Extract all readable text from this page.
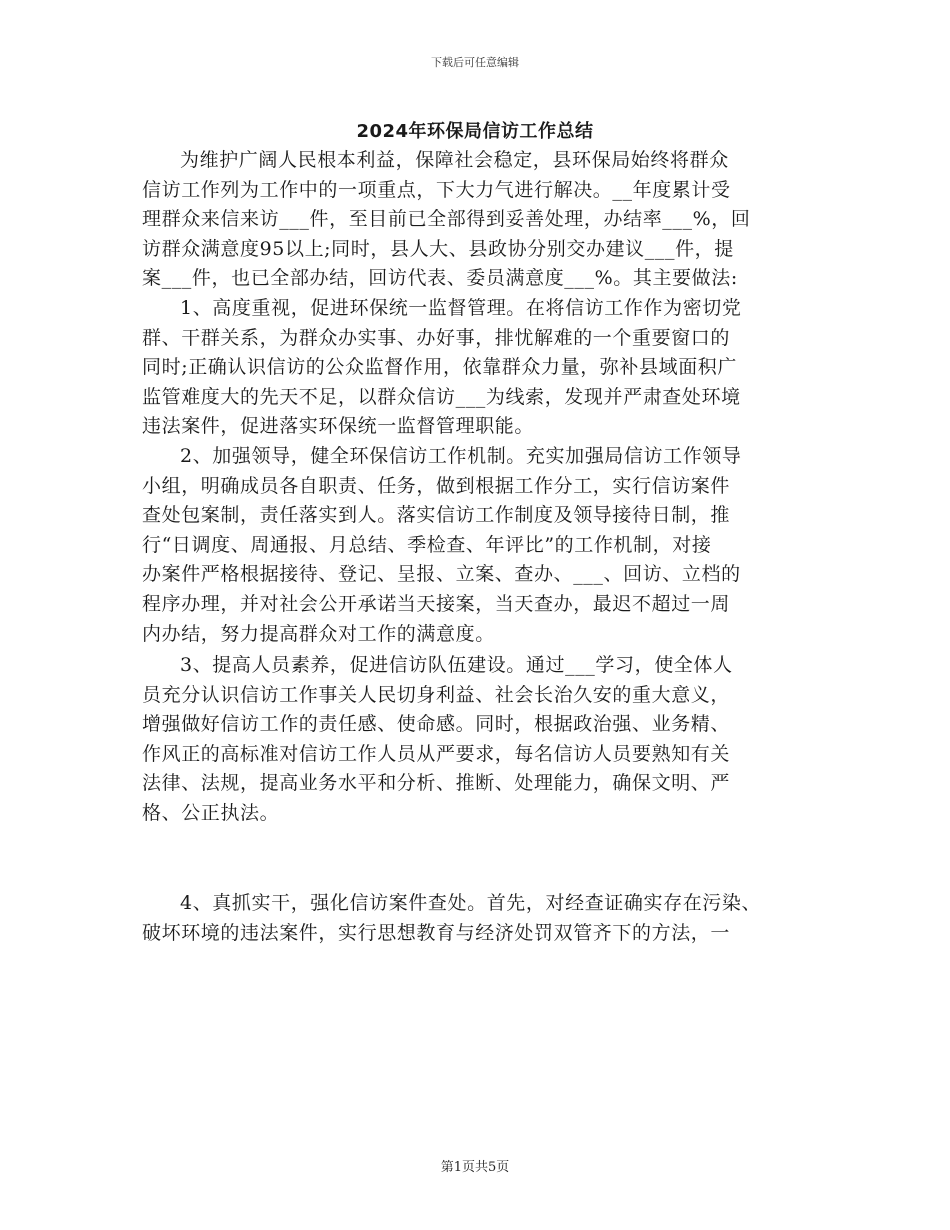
下载后可任意编辑
2024年环保局信访工作总结
为维护广阔人民根本利益，保障社会稳定，县环保局始终将群众
信访工作列为工作中的一项重点，下大力气进行解决。__年度累计受
理群众来信来访___件，至目前已全部得到妥善处理，办结率___%，回
访群众满意度95以上;同时，县人大、县政协分别交办建议___件，提
案___件，也已全部办结，回访代表、委员满意度___%。其主要做法:
1、高度重视，促进环保统一监督管理。在将信访工作作为密切党
群、干群关系，为群众办实事、办好事，排忧解难的一个重要窗口的
同时;正确认识信访的公众监督作用，依靠群众力量，弥补县域面积广
监管难度大的先天不足，以群众信访___为线索，发现并严肃查处环境
违法案件，促进落实环保统一监督管理职能。
2、加强领导，健全环保信访工作机制。充实加强局信访工作领导
小组，明确成员各自职责、任务，做到根据工作分工，实行信访案件
查处包案制，责任落实到人。落实信访工作制度及领导接待日制，推
行“日调度、周通报、月总结、季检查、年评比”的工作机制，对接
办案件严格根据接待、登记、呈报、立案、查办、___、回访、立档的
程序办理，并对社会公开承诺当天接案，当天查办，最迟不超过一周
内办结，努力提高群众对工作的满意度。
3、提高人员素养，促进信访队伍建设。通过___学习，使全体人
员充分认识信访工作事关人民切身利益、社会长治久安的重大意义，
增强做好信访工作的责任感、使命感。同时，根据政治强、业务精、
作风正的高标准对信访工作人员从严要求，每名信访人员要熟知有关
法律、法规，提高业务水平和分析、推断、处理能力，确保文明、严
格、公正执法。
4、真抓实干，强化信访案件查处。首先，对经查证确实存在污染、
破坏环境的违法案件，实行思想教育与经济处罚双管齐下的方法，一
第1页共5页
